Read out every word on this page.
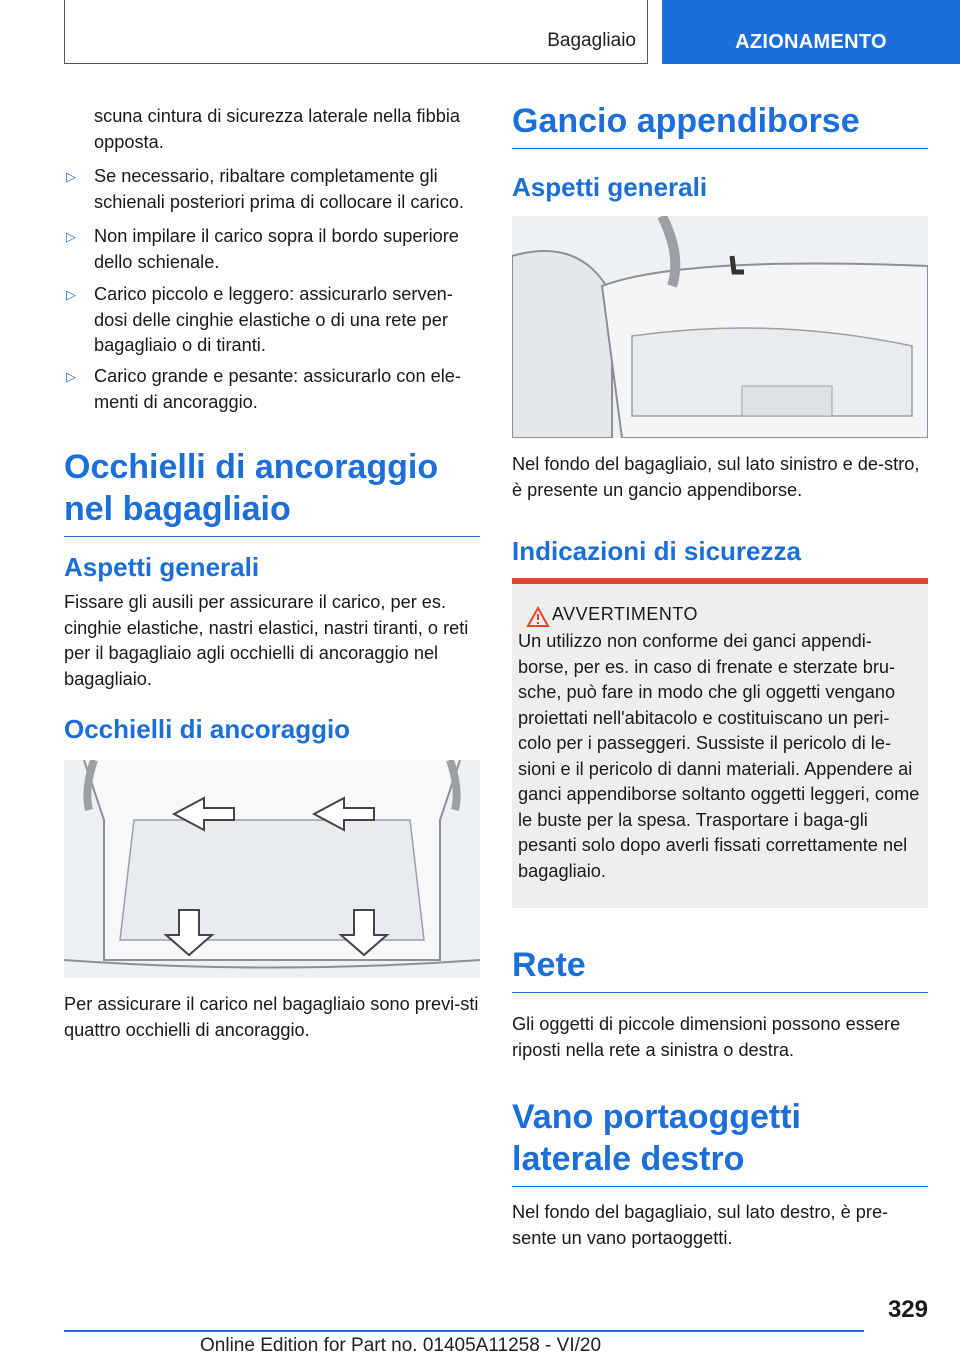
Bagagliaio	AZIONAMENTO

scuna cintura di sicurezza laterale nella fibbia opposta.

▷ Se necessario, ribaltare completamente gli schienali posteriori prima di collocare il carico.
▷ Non impilare il carico sopra il bordo superiore dello schienale.
▷ Carico piccolo e leggero: assicurarlo serven‐dosi delle cinghie elastiche o di una rete per bagagliaio o di tiranti.
▷ Carico grande e pesante: assicurarlo con ele‐menti di ancoraggio.
Occhielli di ancoraggio nel bagagliaio
Aspetti generali

Fissare gli ausili per assicurare il carico, per es. cinghie elastiche, nastri elastici, nastri tiranti, o reti per il bagagliaio agli occhielli di ancoraggio nel bagagliaio.

Occhielli di ancoraggio

Per assicurare il carico nel bagagliaio sono previ‐sti quattro occhielli di ancoraggio.

Gancio appendiborse
Aspetti generali

Nel fondo del bagagliaio, sul lato sinistro e de‐stro, è presente un gancio appendiborse.

Indicazioni di sicurezza
AVVERTIMENTO

Un utilizzo non conforme dei ganci appendi‐borse, per es. in caso di frenate e sterzate bru‐sche, può fare in modo che gli oggetti vengano proiettati nell'abitacolo e costituiscano un peri‐colo per i passeggeri. Sussiste il pericolo di le‐sioni e il pericolo di danni materiali. Appendere ai ganci appendiborse soltanto oggetti leggeri, come le buste per la spesa. Trasportare i baga‐gli pesanti solo dopo averli fissati correttamente nel bagagliaio.

Rete

Gli oggetti di piccole dimensioni possono essere riposti nella rete a sinistra o destra.

Vano portaoggetti laterale destro

Nel fondo del bagagliaio, sul lato destro, è pre‐sente un vano portaoggetti.

329
Online Edition for Part no. 01405A11258 - VI/20
